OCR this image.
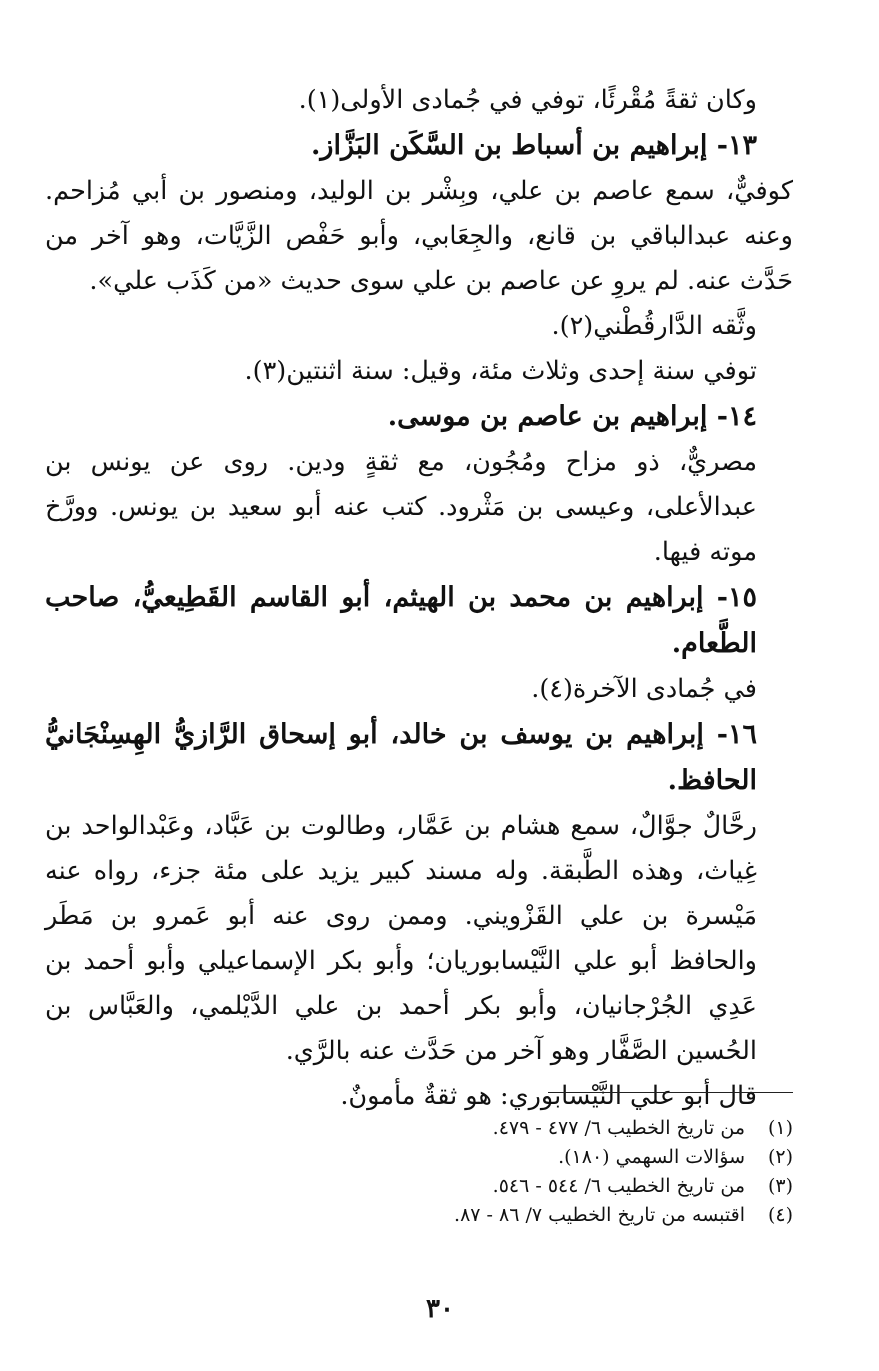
وكان ثقةً مُقْرئًا، توفي في جُمادى الأولى(١).

١٣- إبراهيم بن أسباط بن السَّكَن البَزَّاز.

كوفيٌّ، سمع عاصم بن علي، وبِشْر بن الوليد، ومنصور بن أبي مُزاحم. وعنه عبدالباقي بن قانع، والجِعَابي، وأبو حَفْص الزَّيَّات، وهو آخر من حَدَّث عنه. لم يروِ عن عاصم بن علي سوى حديث «من كَذَب علي».

وثَّقه الدَّارقُطْني(٢).

توفي سنة إحدى وثلاث مئة، وقيل: سنة اثنتين(٣).

١٤- إبراهيم بن عاصم بن موسى.

مصريٌّ، ذو مزاح ومُجُون، مع ثقةٍ ودين. روى عن يونس بن عبدالأعلى، وعيسى بن مَثْرود. كتب عنه أبو سعيد بن يونس. وورَّخ موته فيها.

١٥- إبراهيم بن محمد بن الهيثم، أبو القاسم القَطِيعيُّ، صاحب الطَّعام.

في جُمادى الآخرة(٤).

١٦- إبراهيم بن يوسف بن خالد، أبو إسحاق الرَّازيُّ الهِسِنْجَانيُّ الحافظ.

رحَّالٌ جوَّالٌ، سمع هشام بن عَمَّار، وطالوت بن عَبَّاد، وعَبْدالواحد بن غِياث، وهذه الطَّبقة. وله مسند كبير يزيد على مئة جزء، رواه عنه مَيْسرة بن علي القَزْويني. وممن روى عنه أبو عَمرو بن مَطَر والحافظ أبو علي النَّيْسابوريان؛ وأبو بكر الإسماعيلي وأبو أحمد بن عَدِي الجُرْجانيان، وأبو بكر أحمد بن علي الدَّيْلمي، والعَبَّاس بن الحُسين الصَّفَّار وهو آخر من حَدَّث عنه بالرَّي.

قال أبو علي النَّيْسابوري: هو ثقةٌ مأمونٌ.

(١)
من تاريخ الخطيب ٦/ ٤٧٧ - ٤٧٩.

(٢)
سؤالات السهمي (١٨٠).

(٣)
من تاريخ الخطيب ٦/ ٥٤٤ - ٥٤٦.

(٤)
اقتبسه من تاريخ الخطيب ٧/ ٨٦ - ٨٧.

٣٠
